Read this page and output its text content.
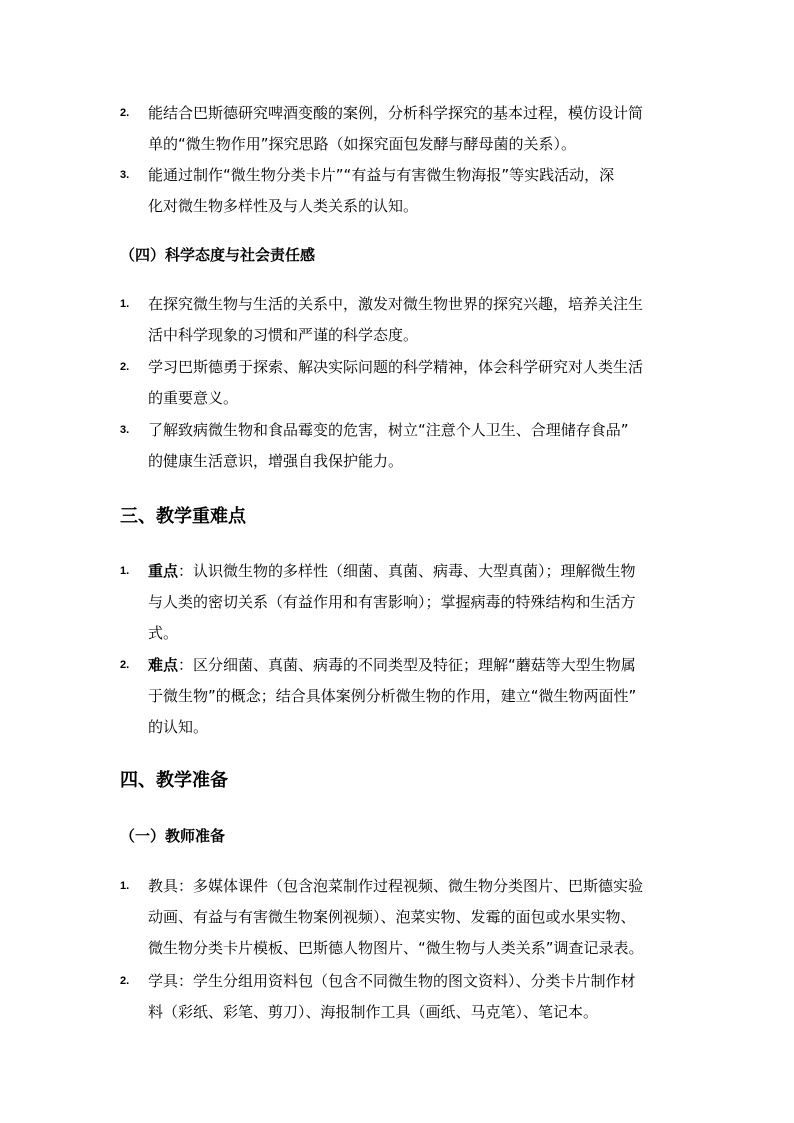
2.	能结合巴斯德研究啤酒变酸的案例，分析科学探究的基本过程，模仿设计简
单的“微生物作用”探究思路（如探究面包发酵与酵母菌的关系）。
3.	能通过制作“微生物分类卡片”“有益与有害微生物海报”等实践活动，深
化对微生物多样性及与人类关系的认知。
（四）科学态度与社会责任感
1.	在探究微生物与生活的关系中，激发对微生物世界的探究兴趣，培养关注生
活中科学现象的习惯和严谨的科学态度。
2.	学习巴斯德勇于探索、解决实际问题的科学精神，体会科学研究对人类生活
的重要意义。
3.	了解致病微生物和食品霉变的危害，树立“注意个人卫生、合理储存食品”
的健康生活意识，增强自我保护能力。
三、教学重难点
1.	重点：认识微生物的多样性（细菌、真菌、病毒、大型真菌）；理解微生物
与人类的密切关系（有益作用和有害影响）；掌握病毒的特殊结构和生活方
式。
2.	难点：区分细菌、真菌、病毒的不同类型及特征；理解“蘑菇等大型生物属
于微生物”的概念；结合具体案例分析微生物的作用，建立“微生物两面性”
的认知。
四、教学准备
（一）教师准备
1.	教具：多媒体课件（包含泡菜制作过程视频、微生物分类图片、巴斯德实验
动画、有益与有害微生物案例视频）、泡菜实物、发霉的面包或水果实物、
微生物分类卡片模板、巴斯德人物图片、“微生物与人类关系”调查记录表。
2.	学具：学生分组用资料包（包含不同微生物的图文资料）、分类卡片制作材
料（彩纸、彩笔、剪刀）、海报制作工具（画纸、马克笔）、笔记本。
